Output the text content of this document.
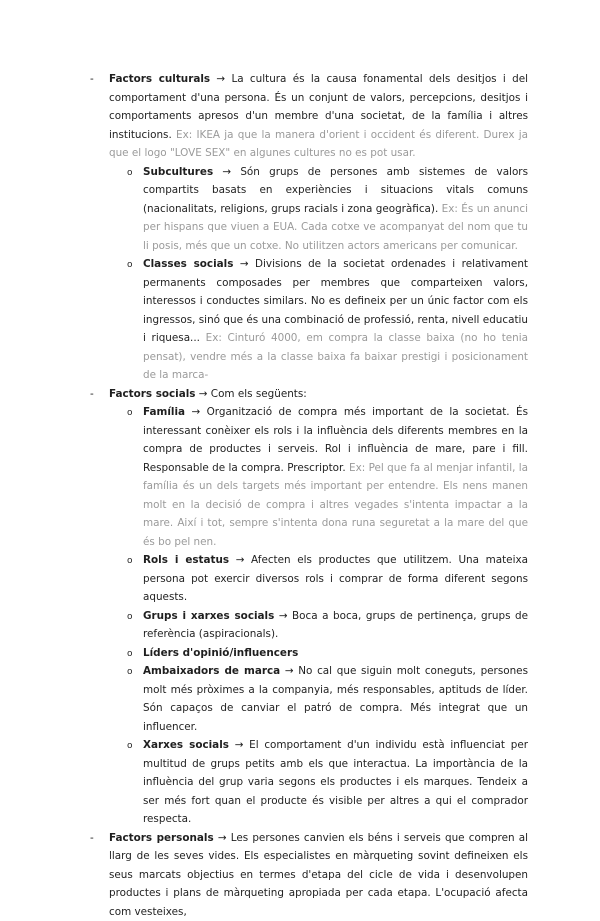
- Factors culturals → La cultura és la causa fonamental dels desitjos i del comportament d'una persona. És un conjunt de valors, percepcions, desitjos i comportaments apresos d'un membre d'una societat, de la família i altres institucions. Ex: IKEA ja que la manera d'orient i occident és diferent. Durex ja que el logo "LOVE SEX" en algunes cultures no es pot usar.
o Subcultures → Són grups de persones amb sistemes de valors compartits basats en experiències i situacions vitals comuns (nacionalitats, religions, grups racials i zona geogràfica). Ex: És un anunci per hispans que viuen a EUA. Cada cotxe ve acompanyat del nom que tu li posis, més que un cotxe. No utilitzen actors americans per comunicar.
o Classes socials → Divisions de la societat ordenades i relativament permanents composades per membres que comparteixen valors, interessos i conductes similars. No es defineix per un únic factor com els ingressos, sinó que és una combinació de professió, renta, nivell educatiu i riquesa... Ex: Cinturó 4000, em compra la classe baixa (no ho tenia pensat), vendre més a la classe baixa fa baixar prestigi i posicionament de la marca-
- Factors socials → Com els següents:
o Família → Organització de compra més important de la societat. És interessant conèixer els rols i la influència dels diferents membres en la compra de productes i serveis. Rol i influència de mare, pare i fill. Responsable de la compra. Prescriptor. Ex: Pel que fa al menjar infantil, la família és un dels targets més important per entendre. Els nens manen molt en la decisió de compra i altres vegades s'intenta impactar a la mare. Així i tot, sempre s'intenta dona runa seguretat a la mare del que és bo pel nen.
o Rols i estatus → Afecten els productes que utilitzem. Una mateixa persona pot exercir diversos rols i comprar de forma diferent segons aquests.
o Grups i xarxes socials → Boca a boca, grups de pertinença, grups de referència (aspiracionals).
o Líders d'opinió/influencers
o Ambaixadors de marca → No cal que siguin molt coneguts, persones molt més pròximes a la companyia, més responsables, aptituds de líder. Són capaços de canviar el patró de compra. Més integrat que un influencer.
o Xarxes socials → El comportament d'un individu està influenciat per multitud de grups petits amb els que interactua. La importància de la influència del grup varia segons els productes i els marques. Tendeix a ser més fort quan el producte és visible per altres a qui el comprador respecta.
- Factors personals → Les persones canvien els béns i serveis que compren al llarg de les seves vides. Els especialistes en màrqueting sovint defineixen els seus marcats objectius en termes d'etapa del cicle de vida i desenvolupen productes i plans de màrqueting apropiada per cada etapa. L'ocupació afecta com vesteixes,
